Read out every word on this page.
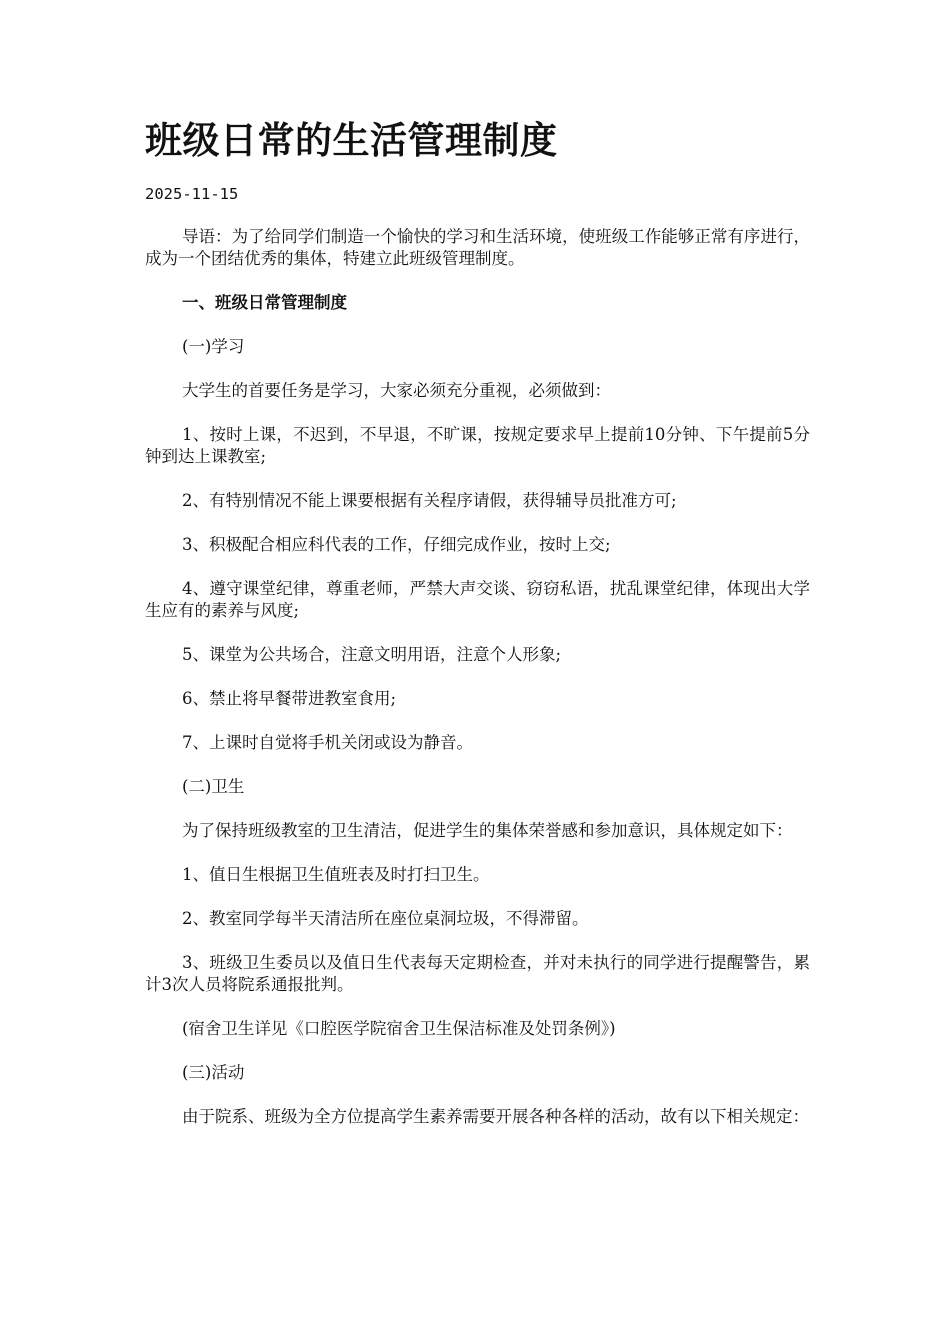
班级日常的生活管理制度
2025-11-15

导语：为了给同学们制造一个愉快的学习和生活环境，使班级工作能够正常有序进行，成为一个团结优秀的集体，特建立此班级管理制度。

一、班级日常管理制度

(一)学习

大学生的首要任务是学习，大家必须充分重视，必须做到：

1、按时上课，不迟到，不早退，不旷课，按规定要求早上提前10分钟、下午提前5分钟到达上课教室;

2、有特别情况不能上课要根据有关程序请假，获得辅导员批准方可;

3、积极配合相应科代表的工作，仔细完成作业，按时上交;

4、遵守课堂纪律，尊重老师，严禁大声交谈、窃窃私语，扰乱课堂纪律，体现出大学生应有的素养与风度;

5、课堂为公共场合，注意文明用语，注意个人形象;

6、禁止将早餐带进教室食用;

7、上课时自觉将手机关闭或设为静音。

(二)卫生

为了保持班级教室的卫生清洁，促进学生的集体荣誉感和参加意识，具体规定如下：

1、值日生根据卫生值班表及时打扫卫生。

2、教室同学每半天清洁所在座位桌洞垃圾，不得滞留。

3、班级卫生委员以及值日生代表每天定期检查，并对未执行的同学进行提醒警告，累计3次人员将院系通报批判。

(宿舍卫生详见《口腔医学院宿舍卫生保洁标准及处罚条例》)

(三)活动

由于院系、班级为全方位提高学生素养需要开展各种各样的活动，故有以下相关规定：
